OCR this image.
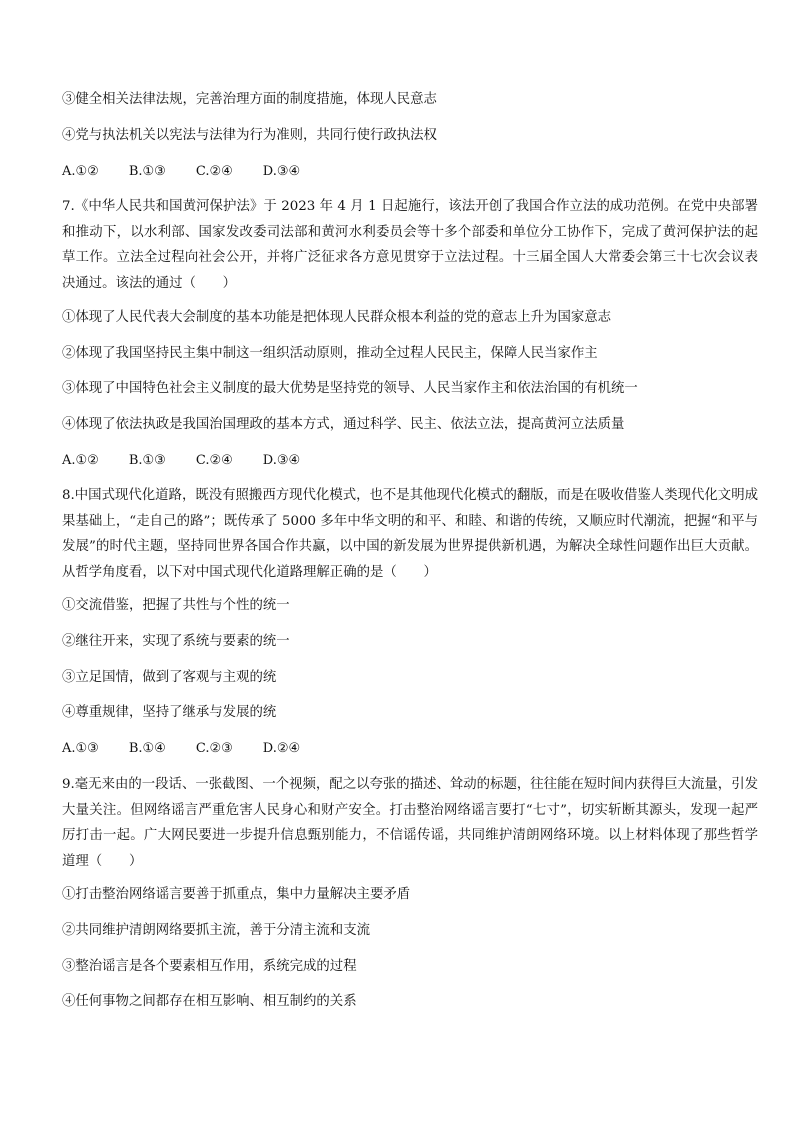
③健全相关法律法规，完善治理方面的制度措施，体现人民意志
④党与执法机关以宪法与法律为行为准则，共同行使行政执法权
A.①② B.①③ C.②④ D.③④
7.《中华人民共和国黄河保护法》于 2023 年 4 月 1 日起施行，该法开创了我国合作立法的成功范例。在党中央部署和推动下，以水利部、国家发改委司法部和黄河水利委员会等十多个部委和单位分工协作下，完成了黄河保护法的起草工作。立法全过程向社会公开，并将广泛征求各方意见贯穿于立法过程。十三届全国人大常委会第三十七次会议表决通过。该法的通过（　　）
①体现了人民代表大会制度的基本功能是把体现人民群众根本利益的党的意志上升为国家意志
②体现了我国坚持民主集中制这一组织活动原则，推动全过程人民民主，保障人民当家作主
③体现了中国特色社会主义制度的最大优势是坚持党的领导、人民当家作主和依法治国的有机统一
④体现了依法执政是我国治国理政的基本方式，通过科学、民主、依法立法，提高黄河立法质量
A.①② B.①③ C.②④ D.③④
8.中国式现代化道路，既没有照搬西方现代化模式，也不是其他现代化模式的翻版，而是在吸收借鉴人类现代化文明成果基础上，“走自己的路”；既传承了 5000 多年中华文明的和平、和睦、和谐的传统，又顺应时代潮流，把握“和平与发展”的时代主题，坚持同世界各国合作共赢，以中国的新发展为世界提供新机遇，为解决全球性问题作出巨大贡献。从哲学角度看，以下对中国式现代化道路理解正确的是（　　）
①交流借鉴，把握了共性与个性的统一
②继往开来，实现了系统与要素的统一
③立足国情，做到了客观与主观的统
④尊重规律，坚持了继承与发展的统
A.①③ B.①④ C.②③ D.②④
9.毫无来由的一段话、一张截图、一个视频，配之以夸张的描述、耸动的标题，往往能在短时间内获得巨大流量，引发大量关注。但网络谣言严重危害人民身心和财产安全。打击整治网络谣言要打“七寸”，切实斩断其源头，发现一起严厉打击一起。广大网民要进一步提升信息甄别能力，不信谣传谣，共同维护清朗网络环境。以上材料体现了那些哲学道理（　　）
①打击整治网络谣言要善于抓重点，集中力量解决主要矛盾
②共同维护清朗网络要抓主流，善于分清主流和支流
③整治谣言是各个要素相互作用，系统完成的过程
④任何事物之间都存在相互影响、相互制约的关系
